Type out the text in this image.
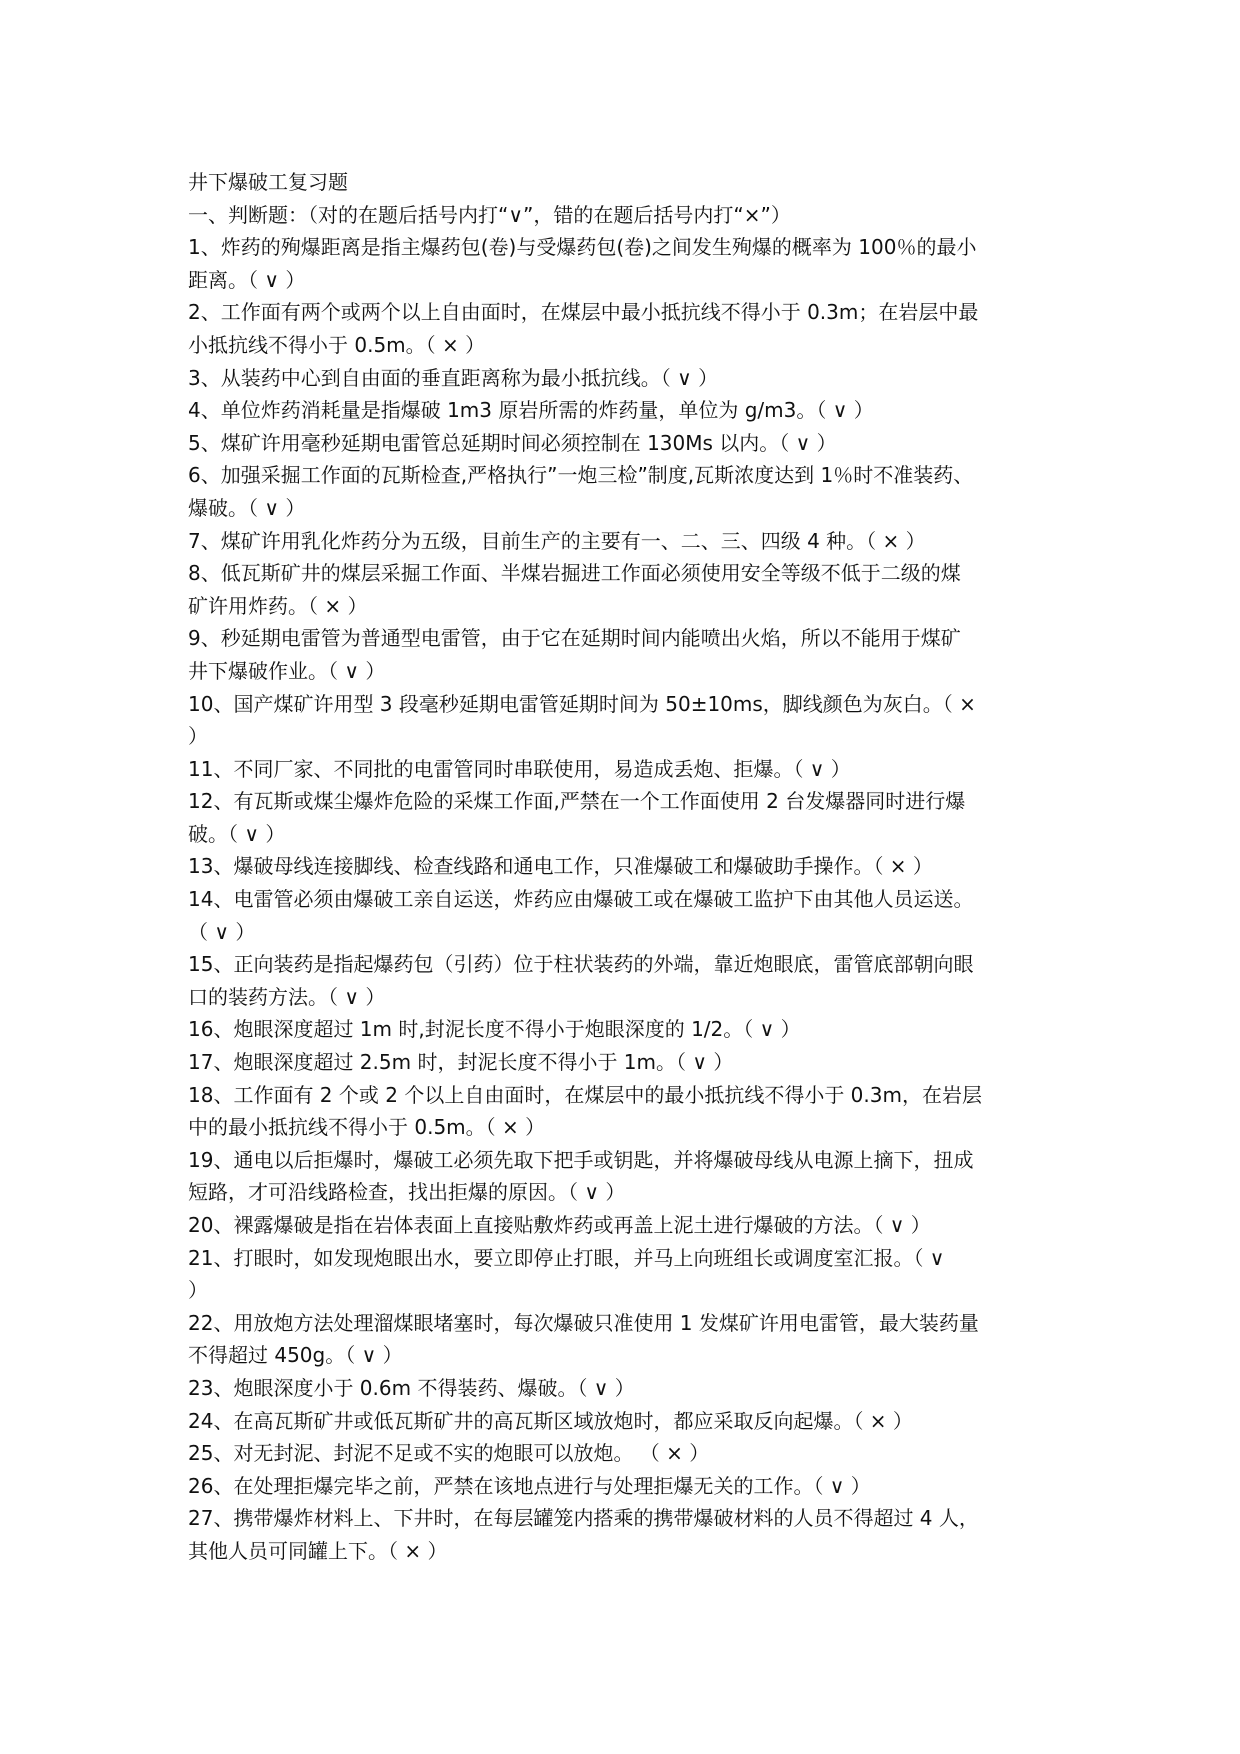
井下爆破工复习题
一、判断题：（对的在题后括号内打“∨”，错的在题后括号内打“×”）
1、炸药的殉爆距离是指主爆药包(卷)与受爆药包(卷)之间发生殉爆的概率为 100％的最小
距离。（ ∨ ）
2、工作面有两个或两个以上自由面时，在煤层中最小抵抗线不得小于 0.3m；在岩层中最
小抵抗线不得小于 0.5m。（ × ）
3、从装药中心到自由面的垂直距离称为最小抵抗线。（ ∨ ）
4、单位炸药消耗量是指爆破 1m3 原岩所需的炸药量，单位为 g/m3。（ ∨ ）
5、煤矿许用毫秒延期电雷管总延期时间必须控制在 130Ms 以内。（ ∨ ）
6、加强采掘工作面的瓦斯检查,严格执行”一炮三检”制度,瓦斯浓度达到 1％时不准装药、
爆破。（ ∨ ）
7、煤矿许用乳化炸药分为五级，目前生产的主要有一、二、三、四级 4 种。（ × ）
8、低瓦斯矿井的煤层采掘工作面、半煤岩掘进工作面必须使用安全等级不低于二级的煤
矿许用炸药。（ × ）
9、秒延期电雷管为普通型电雷管，由于它在延期时间内能喷出火焰，所以不能用于煤矿
井下爆破作业。（ ∨ ）
10、国产煤矿许用型 3 段毫秒延期电雷管延期时间为 50±10ms，脚线颜色为灰白。（ ×
）
11、不同厂家、不同批的电雷管同时串联使用，易造成丢炮、拒爆。（ ∨ ）
12、有瓦斯或煤尘爆炸危险的采煤工作面,严禁在一个工作面使用 2 台发爆器同时进行爆
破。（ ∨ ）
13、爆破母线连接脚线、检查线路和通电工作，只准爆破工和爆破助手操作。（ × ）
14、电雷管必须由爆破工亲自运送，炸药应由爆破工或在爆破工监护下由其他人员运送。
（ ∨ ）
15、正向装药是指起爆药包（引药）位于柱状装药的外端，靠近炮眼底，雷管底部朝向眼
口的装药方法。（ ∨ ）
16、炮眼深度超过 1m 时,封泥长度不得小于炮眼深度的 1/2。（ ∨ ）
17、炮眼深度超过 2.5m 时，封泥长度不得小于 1m。（ ∨ ）
18、工作面有 2 个或 2 个以上自由面时，在煤层中的最小抵抗线不得小于 0.3m，在岩层
中的最小抵抗线不得小于 0.5m。（ × ）
19、通电以后拒爆时，爆破工必须先取下把手或钥匙，并将爆破母线从电源上摘下，扭成
短路，才可沿线路检查，找出拒爆的原因。（ ∨ ）
20、裸露爆破是指在岩体表面上直接贴敷炸药或再盖上泥土进行爆破的方法。（ ∨ ）
21、打眼时，如发现炮眼出水，要立即停止打眼，并马上向班组长或调度室汇报。（ ∨
）
22、用放炮方法处理溜煤眼堵塞时，每次爆破只准使用 1 发煤矿许用电雷管，最大装药量
不得超过 450g。（ ∨ ）
23、炮眼深度小于 0.6m 不得装药、爆破。（ ∨ ）
24、在高瓦斯矿井或低瓦斯矿井的高瓦斯区域放炮时，都应采取反向起爆。（ × ）
25、对无封泥、封泥不足或不实的炮眼可以放炮。 （ × ）
26、在处理拒爆完毕之前，严禁在该地点进行与处理拒爆无关的工作。（ ∨ ）
27、携带爆炸材料上、下井时，在每层罐笼内搭乘的携带爆破材料的人员不得超过 4 人，
其他人员可同罐上下。（ × ）
